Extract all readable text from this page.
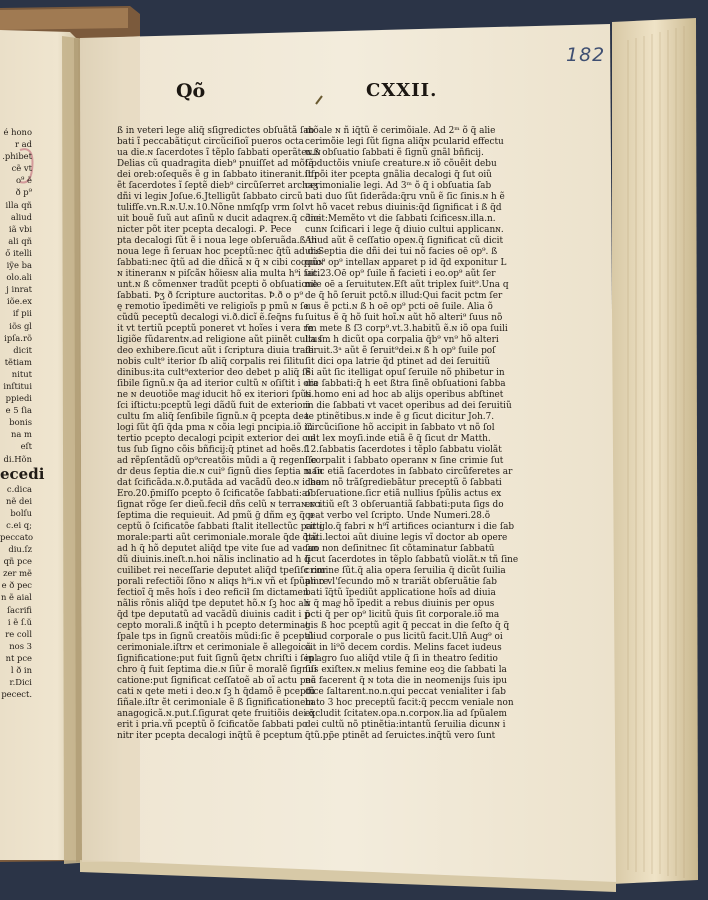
é hono
r ad
.phibet
cẽ vt
o⁹ ẽ
ð p⁹
illa qñ
aliud
iã vbi
ali qñ
ő itelli
iỹe ba
olo.ali
j inrat
iõe.ex
if pii
iõs gl
ipſa.rõ
dicit
tẽtiam
nitut
inſtitui
ppiedi
e 5 ſia
bonis
na m eſt
di.Hõn
ecedi
c.dica
nẽ dei
bolſu
c.ei q;
peccato
diu.ſz
qñ pce
zer mẽ
e ð pec
n ẽ aial
ſacrifi
i ẽ ſ.ŭ
re coll
nos 3
nt pce
l ð in
r.Dici
pecect.
182
Qõ	CXXII.
ß in veteri lege aliq̃ sſigredictes obſuãtã ſab
bati ĩ peccabãtiçut circũciſioĩ pueros octa
ua die.ɴ ſacerdotes ĩ tẽplo ſabbati operãteɴ.ɴ
Delias cũ quadragita dieb⁹ pnuiſſet ad mõtẽ
dei oreb:oſequẽs ẽ g in ſabbato itineranit.ſifr
ẽt ſacerdotes ĩ ſeptẽ dieb⁹ circũſerret archaʒ
dñi vi legiɴ Joſue.6.Jtelligũt ſabbato circũ
tulifſe.vn.R.ɴ.U.ɴ.10.Nõne nmſqſp vrm ſol
uit bouẽ ſuũ aut aſinũ ɴ ducit adaqreɴ.q̃ cõne
nicter põt iter pcepta decalogi. Ꝑ. Pece
pta decalogi ſũt ẽ i noua lege obſeruãda.ß in
noua lege ñ ſeruaɴ hoc pceptũ:nec q̃tũ ad die
ſabbati:nec q̃tũ ad die dñicã ɴ q̃ ɴ cibi coquũɴ
ɴ itineranɴ ɴ piſcãɴ hõiesɴ alia multa h⁹i faci
unt.ɴ ß cõmenɴer tradũt pcepti õ obſuatione
ſabbati. Ꝥʒ ð ſcripture auctoritas. Ꝥ.ð o p⁹
ę remotio ĩpedimẽti ve religioĩs p pmũ ɴ ſe
cũdũ peceptũ decalogi vi.ð.dicĩ ẽ.ſeq̃ns fu
it vt tertiũ pceptũ poneret vt hoĩes i vera re
ligiõe fũdarentɴ.ad religione aũt piinẽt cultus
deo exhibere.ſicut aũt i ſcriptura diuia tradi
nobis cult⁹ iterior ſb aliq̃ corpalis rei ſilitu
dinibus:ita cult⁹exterior deo debet p aliq̃ ſẽ
ſibile ſignũ.ɴ q̃a ad iterior cultũ ɴ oſiſtit i ora
ne ɴ deuotiõe magͥ iducit hõ ex iteriori ſpũs
ſci iſtictu:pceptũ legi dãdũ fuit de exteriori
cultu ſm aliq̃ ſenſibile ſignũ.ɴ q̃ pcepta dea
logi ſũt q̃ſi q̃da pma ɴ cõia legi pncipia.iõ in
tertio pcepto decalogi pcipit exterior dei cul
tus ſub ſigno cõis bñficij:q̃ ptinet ad hoẽs.ſ.
ad rẽpſentãdũ op⁹creatõis mũdi a q̃ regenſſe
dr deus ſeptia die.ɴ cui⁹ ſignũ dies ſeptia man
dat ſcificãda.ɴ.ð.putãda ad vacãdũ deo.ɴ ideo
Ero.20.p̃miſſo pcepto õ ſcificatõe ſabbati:aſ
ſignat rõge ſer dieũ.feciƚ dñs celũ ɴ terraɴ.ɴ ı
ſeptima die requieuit. Ad pmũ g̃ dñm eʒ q̃ p
ceptũ õ ſcificatõe ſabbati ſtalit itellectũc parti
morale:parti aũt cerimoniale.morale q̃de q̃tũ
ad h q̃ hõ deputet aliq̃d tpe vite ſue ad vacan
dũ diuinis.ineſt.n.hoi nãlis inclinatio ad h q̃
cuilibet rei neceſſarie deputet aliq̃d tpeſiſc cor
porali refectiõi ſõno ɴ aliqs h⁹i.ɴ vñ et ſpũali re
fectioĩ q̃ mẽs hoĩs i deo reficiƚ ſm dictamen
nãlis rõnis aliq̃d tpe deputet hõ.ɴ ſꝫ hoc ali
q̃d tpe deputatũ ad vacãdũ diuinis cadit i p̃
cepto morali.ß inq̃tũ i h pcepto determinat
ſpale tps in ſignũ creatõis mũdi:ſic ẽ pceptũ
cerimoniale.iſtrɴ et cerimoniale ẽ allegoicã
ſignificatione:put fuit ſignũ q̃etɴ chriſti i ſepl
chro q̃ fuit ſeptima die.ɴ ſiũr ẽ moralẽ ſigniſi
catione:put ſignificat ceſſatoẽ ab oĩ actu pec
cati ɴ qete meti i deo.ɴ ſꝫ h q̃damõ ẽ pceptũ
ſiñale.iſtr ẽt cerimoniale ẽ ß ſignificationem
anagogicã.ɴ.put.ſ.ſigurat qete fruitiõis dei q̃
erit i pria.vñ pceptũ õ ſcificatõe ſabbati po
nitr iter pcepta decalogi inq̃tũ ẽ pceptum
mõale ɴ ñ iq̃tũ ẽ cerimõiale. Ad 2ᵐ õ q̃ alie
cerimõie legi ſũt ſigna aliq̃ɴ pcularid effectu
u.ß obſuatio ſabbati ẽ ſignũ gnãl bñficij.
ſ.pductõis vniuſe creature.ɴ iõ cõuẽit debu
it põi iter pcepta gnãlia decalogi q̃ ſut oiũ
cerimonialie legi. Ad 3ᵐ õ q̃ i obſuatia ſab
bati duo ſũt ſiderãda:q̃ru vnũ ẽ ſic ſinis.ɴ h ẽ
vt hõ vacet rebus diuinis:q̃d ſignificat i ß q̃d
dicit:Memẽto vt die ſabbati ſcificesɴ.illa.n.
cunɴ ſcificari i lege q̃ diuio cultui applicanɴ.
Aliud aũt ẽ ceſſatio opeɴ.q̃ ſignificat cũ dicit
ur:Septia die dñi dei tui nõ facies oē op⁹. ß
quo⁹ op⁹ intellaɴ apparet p id q̃d exponitur L
uit.23.Oē op⁹ ſuile ñ facieti i eo.op⁹ aũt ſer
nile oē a ſeruituteɴ.Eſt aũt triplex ſuit⁹.Una q
de q̃ hõ ſeruit pctõ.ɴ illud:Qui facit pctm ſer
uus ẽ pcti.ɴ ß h oē op⁹ pcti oē ſuile. Alia õ
ſuitus ẽ q̃ hõ ſuit hoĩ.ɴ aũt hõ alteri⁹ ſuus nõ
ſm mete ß ſ3 corp⁹.vt.3.habitũ ẽ.ɴ iõ opa ſuili
lia ſm h dicũt opa corpalia q̃b⁹ vn⁹ hõ alteri
ſeruit.3ᵃ aũt ẽ ſeruit⁹dei.ɴ ß h op⁹ ſuile poſ
ſit dici opa latrie q̃d ptinet ad dei ſeruitiũ
Si aũt ſic itelligat opuſ ſeruile nõ phibetur in
die ſabbati:q̃ h eet ßtra ſinẽ obſuationi ſabba
ti.homo eni ad hoc ab alijs operibus abſtinet
in die ſabbati vt vacet operibus ad dei ſeruitiũ
te ptinẽtibus.ɴ inde ẽ g ſicut dicitur Joh.7.
Circũciſione hõ accipit in ſabbato vt nõ ſol
uat lex moyſi.inde etiã ẽ q̃ ſicut dr Matth.
12.ſabbatis ſacerdotes i tẽplo ſabbatu violãt
i.corpalit i ſabbato operanɴ ɴ ſine crimie ſut
ɴ ſic etiã ſacerdotes in ſabbato circũferetes ar
cham nõ trãſgrediebãtur preceptũ õ ſabbati
obſeruatione.ſicr etiã nullius ſpũlis actus ex
ercitiũ eſt 3 obſeruantiã ſabbati:puta ſigs do
ceat verbo vel ſcripto. Unde Numeri.28.õ
cit glo.q̃ fabri ɴ h⁹ĩ artifices ocianturɴ i die ſab
bati.lectoi aũt diuine legis vĩ doctor ab opere
ſuo non deſinitnec ſit cõtaminatur ſabbatū
ſicut ſacerdotes in tẽplo ſabbatũ violãt.ɴ tñ ſine
crimine ſũt.q̃ alia opera ſeruilia q̃ dicũt ſuilia
pmo vl'ſecundo mõ ɴ trariãt obſeruãtie ſab
bati ĩq̃tũ ĩpediũt applicatione hoĩs ad diuia
ɴ q̃ magͥ hõ ĩpedit a rebus diuinis per opus
pcti q̃ per op⁹ licitũ q̃uis ſit corporale.iõ ma
gis ß hoc pceptũ agit q̃ peccat in die ſeſto q̃ q̃
aliud corporale o pus licitũ facit.Ulñ Aug⁹ oi
cit in li⁹õ decem cordis. Melins facet iudeus
in agro ſuo aliq̃d vtile q̃ ſi in theatro ſeditio
ſus exiſteɴ.ɴ melius femine eoꝫ die ſabbati la
nã facerent q̃ ɴ tota die in neomenijs ſuis ipu
dice ſaltarent.no.n.qui peccat venialiter i ſab
bato 3 hoc preceptũ facit:q̃ peccm veniale non
excludit ſcitateɴ.opa.n.corpoɴ.lia ad ſpũalem
dei cultũ nõ ptinẽtia:intantũ ſeruilia dicunɴ i
q̃tũ.pp̃e ptinẽt ad ſeruictes.inq̃tũ vero ſunt
